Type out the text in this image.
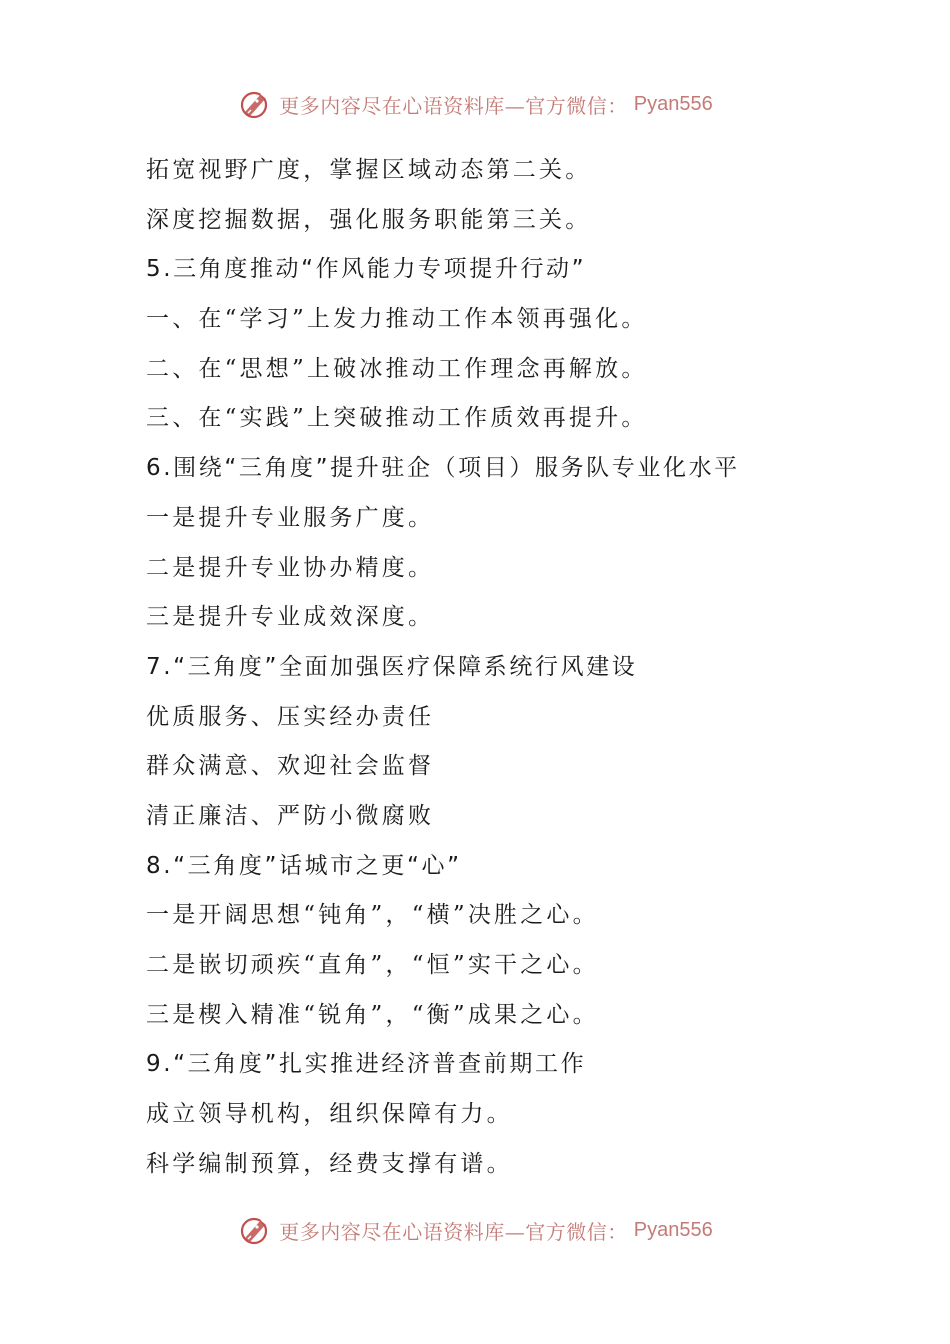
更多内容尽在心语资料库—官方微信： Pyan556
拓宽视野广度，掌握区域动态第二关。
深度挖掘数据，强化服务职能第三关。
5.三角度推动“作风能力专项提升行动”
一、在“学习”上发力推动工作本领再强化。
二、在“思想”上破冰推动工作理念再解放。
三、在“实践”上突破推动工作质效再提升。
6.围绕“三角度”提升驻企（项目）服务队专业化水平
一是提升专业服务广度。
二是提升专业协办精度。
三是提升专业成效深度。
7.“三角度”全面加强医疗保障系统行风建设
优质服务、压实经办责任
群众满意、欢迎社会监督
清正廉洁、严防小微腐败
8.“三角度”话城市之更“心”
一是开阔思想“钝角”，“横”决胜之心。
二是嵌切顽疾“直角”，“恒”实干之心。
三是楔入精准“锐角”，“衡”成果之心。
9.“三角度”扎实推进经济普查前期工作
成立领导机构，组织保障有力。
科学编制预算，经费支撑有谱。
更多内容尽在心语资料库—官方微信： Pyan556
